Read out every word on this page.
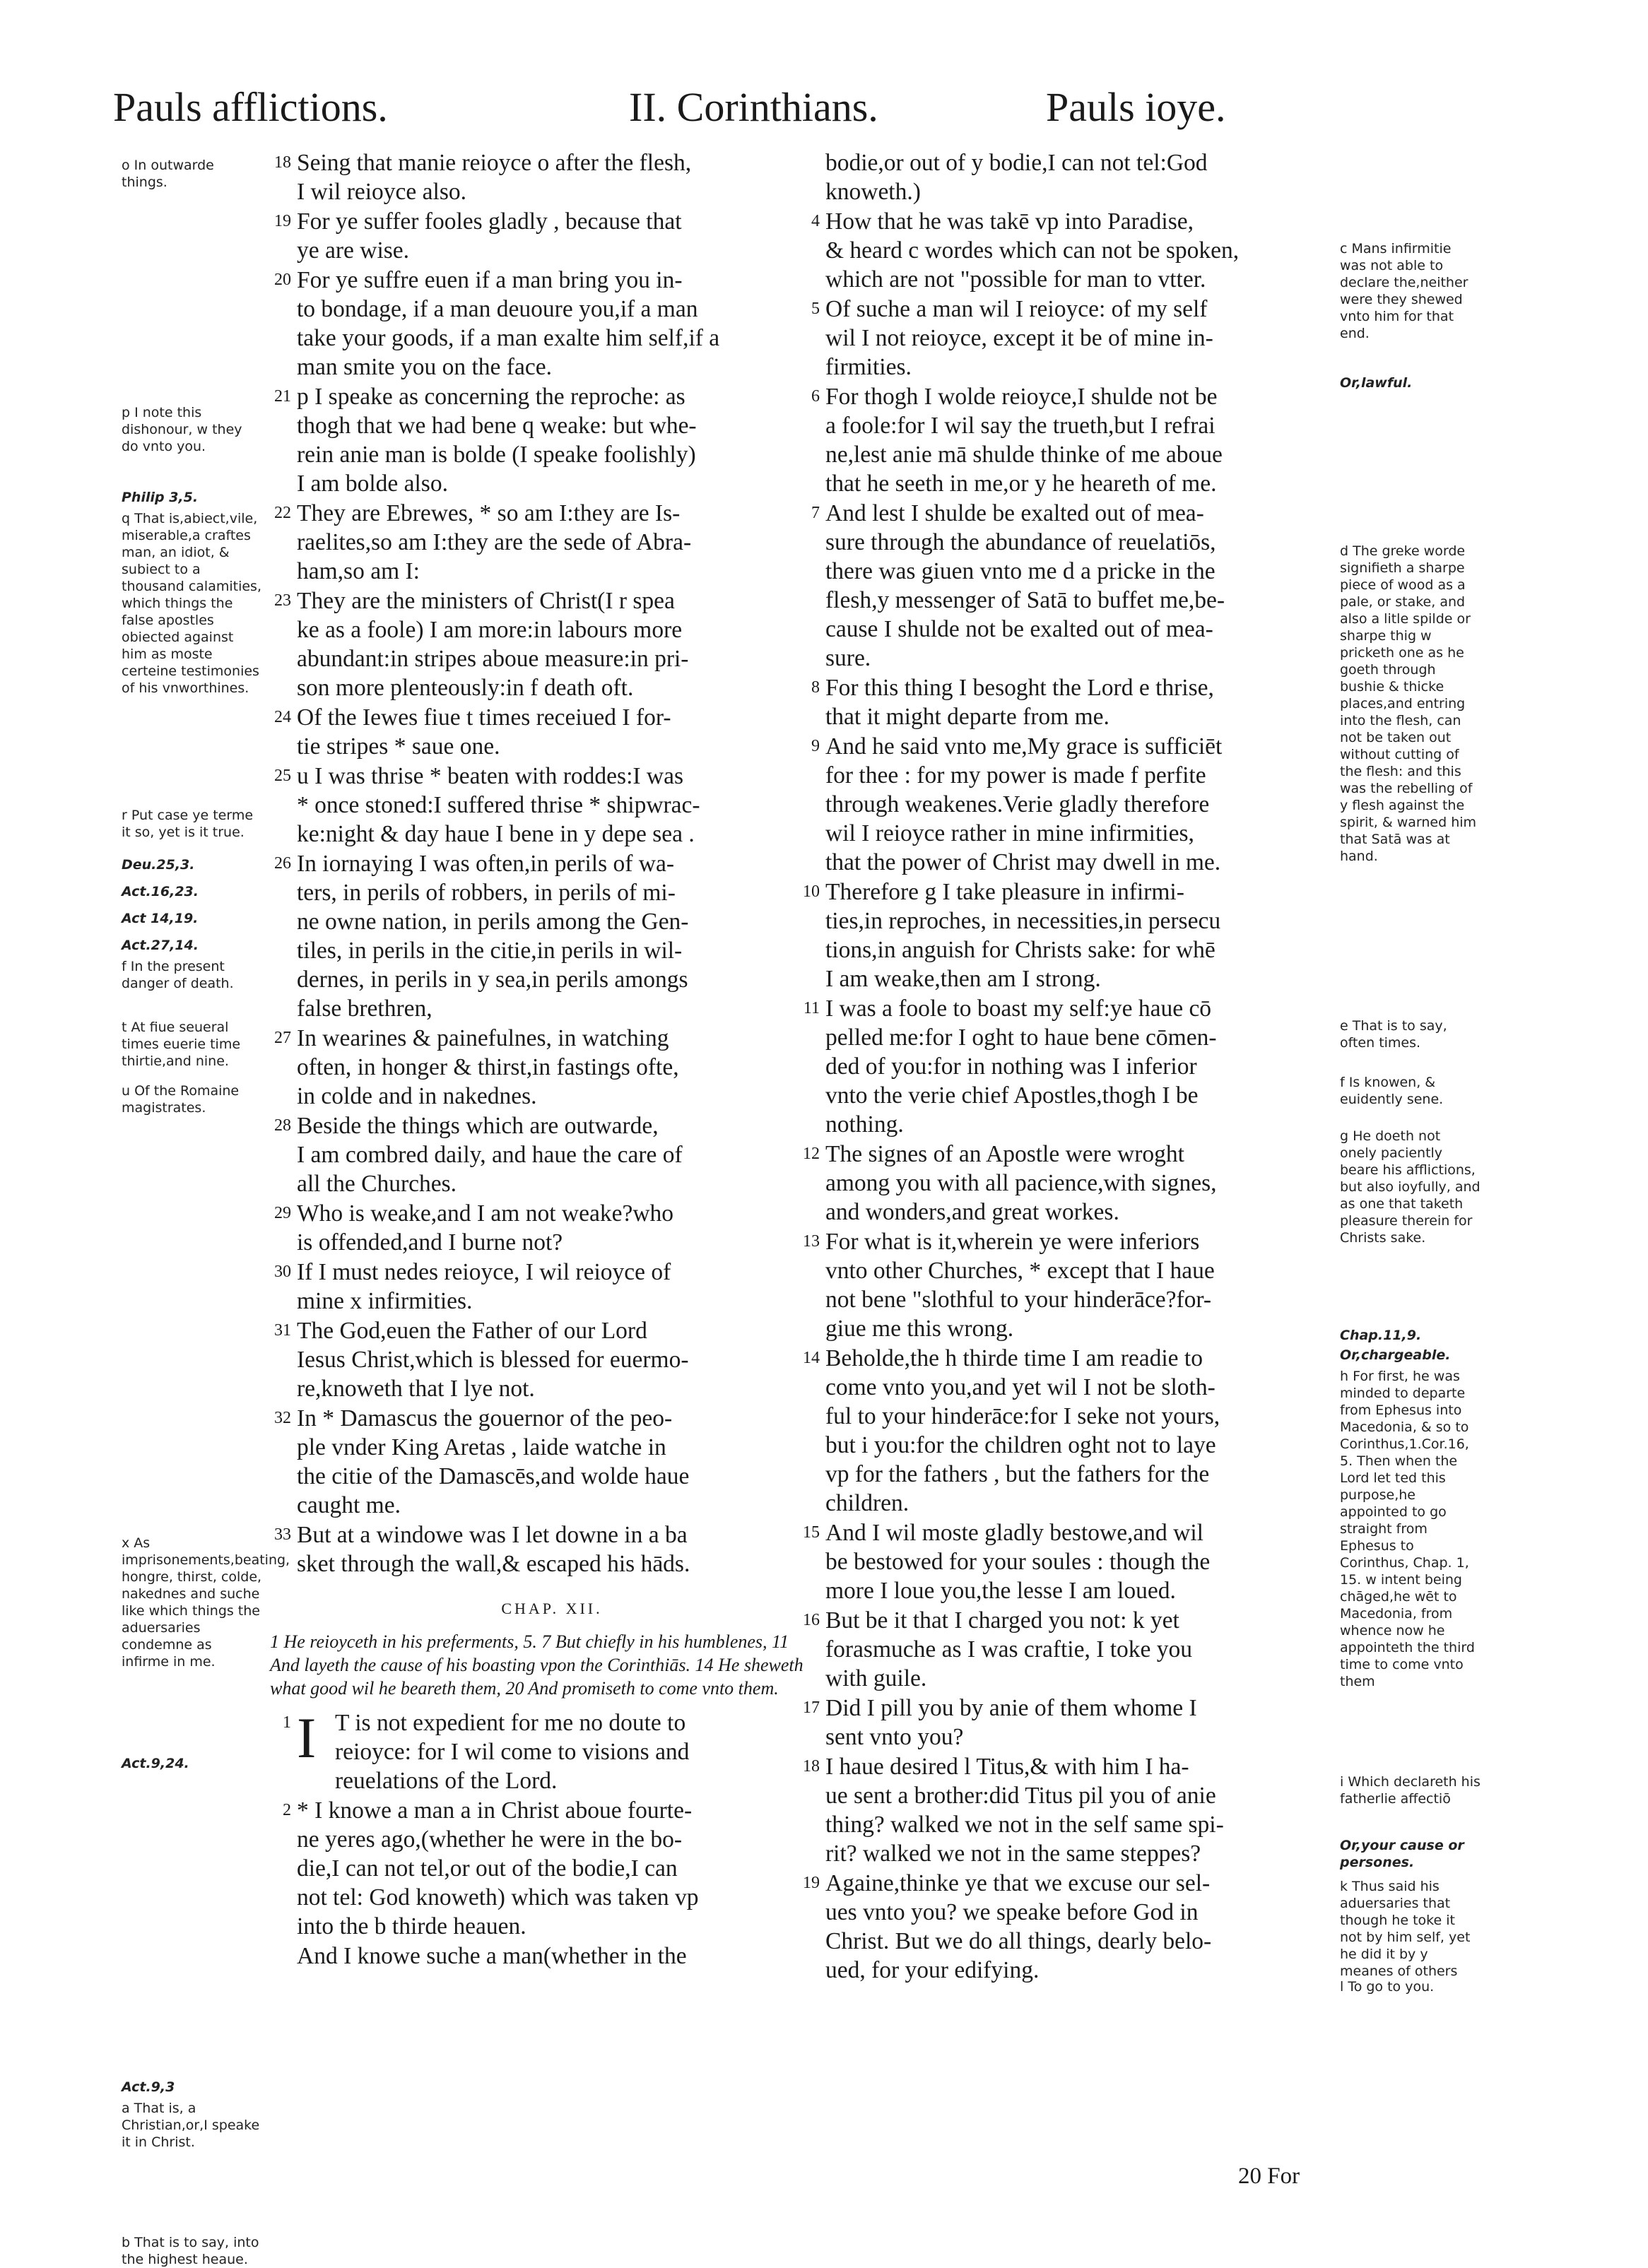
Pauls afflictions.	II. Corinthians.	Pauls ioye.
o In outwarde things.
p I note this dishonour, w they do vnto you.
Philip 3,5.
q That is,abiect,vile, miserable,a craftes man, an idiot, & subiect to a thousand calamities, which things the false apostles obiected against him as moste certeine testimonies of his vnworthines.
r Put case ye terme it so, yet is it true.
Deu.25,3.
Act.16,23.
Act 14,19.
Act.27,14.
f In the present danger of death.
t At fiue seueral times euerie time thirtie,and nine.
u Of the Romaine magistrates.
x As imprisonements,beating, hongre, thirst, colde, nakednes and suche like which things the aduersaries condemne as infirme in me.
Act.9,24.
Act.9,3
a That is, a Christian,or,I speake it in Christ.
b That is to say, into the highest heaue.
18 Seing that manie reioyce o after the flesh,
I wil reioyce also.
19 For ye suffer fooles gladly , because that
ye are wise.
20 For ye suffre euen if a man bring you in-
to bondage, if a man deuoure you,if a man
take your goods, if a man exalte him self,if a
man smite you on the face.
21 p I speake as concerning the reproche: as
thogh that we had bene q weake: but whe-
rein anie man is bolde (I speake foolishly)
I am bolde also.
22 They are Ebrewes, * so am I:they are Is-
raelites,so am I:they are the sede of Abra-
ham,so am I:
23 They are the ministers of Christ(I r spea
ke as a foole) I am more:in labours more
abundant:in stripes aboue measure:in pri-
son more plenteously:in f death oft.
24 Of the Iewes fiue t times receiued I for-
tie stripes * saue one.
25 u I was thrise * beaten with roddes:I was
* once stoned:I suffered thrise * shipwrac-
ke:night & day haue I bene in y depe sea .
26 In iornaying I was often,in perils of wa-
ters, in perils of robbers, in perils of mi-
ne owne nation, in perils among the Gen-
tiles, in perils in the citie,in perils in wil-
dernes, in perils in y sea,in perils amongs
false brethren,
27 In wearines & painefulnes, in watching
often, in honger & thirst,in fastings ofte,
in colde and in nakednes.
28 Beside the things which are outwarde,
I am combred daily, and haue the care of
all the Churches.
29 Who is weake,and I am not weake?who
is offended,and I burne not?
30 If I must nedes reioyce, I wil reioyce of
mine x infirmities.
31 The God,euen the Father of our Lord
Iesus Christ,which is blessed for euermo-
re,knoweth that I lye not.
32 In * Damascus the gouernor of the peo-
ple vnder King Aretas , laide watche in
the citie of the Damascēs,and wolde haue
caught me.
33 But at a windowe was I let downe in a ba
sket through the wall,& escaped his hāds.
CHAP. XII.
1 He reioyceth in his preferments, 5. 7 But chiefly in his humblenes, 11 And layeth the cause of his boasting vpon the Corinthiās. 14 He sheweth what good wil he beareth them, 20 And promiseth to come vnto them.
1 I T is not expedient for me no doute to
reioyce: for I wil come to visions and
reuelations of the Lord.
2 * I knowe a man a in Christ aboue fourte-
ne yeres ago,(whether he were in the bo-
die,I can not tel,or out of the bodie,I can
not tel: God knoweth) which was taken vp
into the b thirde heauen.
And I knowe suche a man(whether in the
bodie,or out of y bodie,I can not tel:God
knoweth.)
4 How that he was takē vp into Paradise,
& heard c wordes which can not be spoken,
which are not "possible for man to vtter.
5 Of suche a man wil I reioyce: of my self
wil I not reioyce, except it be of mine in-
firmities.
6 For thogh I wolde reioyce,I shulde not be
a foole:for I wil say the trueth,but I refrai
ne,lest anie mā shulde thinke of me aboue
that he seeth in me,or y he heareth of me.
7 And lest I shulde be exalted out of mea-
sure through the abundance of reuelatiōs,
there was giuen vnto me d a pricke in the
flesh,y messenger of Satā to buffet me,be-
cause I shulde not be exalted out of mea-
sure.
8 For this thing I besoght the Lord e thrise,
that it might departe from me.
9 And he said vnto me,My grace is sufficiēt
for thee : for my power is made f perfite
through weakenes.Verie gladly therefore
wil I reioyce rather in mine infirmities,
that the power of Christ may dwell in me.
10 Therefore g I take pleasure in infirmi-
ties,in reproches, in necessities,in persecu
tions,in anguish for Christs sake: for whē
I am weake,then am I strong.
11 I was a foole to boast my self:ye haue cō
pelled me:for I oght to haue bene cōmen-
ded of you:for in nothing was I inferior
vnto the verie chief Apostles,thogh I be
nothing.
12 The signes of an Apostle were wroght
among you with all pacience,with signes,
and wonders,and great workes.
13 For what is it,wherein ye were inferiors
vnto other Churches, * except that I haue
not bene "slothful to your hinderāce?for-
giue me this wrong.
14 Beholde,the h thirde time I am readie to
come vnto you,and yet wil I not be sloth-
ful to your hinderāce:for I seke not yours,
but i you:for the children oght not to laye
vp for the fathers , but the fathers for the
children.
15 And I wil moste gladly bestowe,and wil
be bestowed for your soules : though the
more I loue you,the lesse I am loued.
16 But be it that I charged you not: k yet
forasmuche as I was craftie, I toke you
with guile.
17 Did I pill you by anie of them whome I
sent vnto you?
18 I haue desired l Titus,& with him I ha-
ue sent a brother:did Titus pil you of anie
thing? walked we not in the self same spi-
rit? walked we not in the same steppes?
19 Againe,thinke ye that we excuse our sel-
ues vnto you? we speake before God in
Christ. But we do all things, dearly belo-
ued, for your edifying.
c Mans infirmitie was not able to declare the,neither were they shewed vnto him for that end.
Or,lawful.
d The greke worde signifieth a sharpe piece of wood as a pale, or stake, and also a litle spilde or sharpe thig w pricketh one as he goeth through bushie & thicke places,and entring into the flesh, can not be taken out without cutting of the flesh: and this was the rebelling of y flesh against the spirit, & warned him that Satā was at hand.
e That is to say, often times.
f Is knowen, & euidently sene.
g He doeth not onely paciently beare his afflictions, but also ioyfully, and as one that taketh pleasure therein for Christs sake.
Chap.11,9.
Or,chargeable.
h For first, he was minded to departe from Ephesus into Macedonia, & so to Corinthus,1.Cor.16, 5. Then when the Lord let ted this purpose,he appointed to go straight from Ephesus to Corinthus, Chap. 1, 15. w intent being chāged,he wēt to Macedonia, from whence now he appointeth the third time to come vnto them
i Which declareth his fatherlie affectiō
Or,your cause or persones.
k Thus said his aduersaries that though he toke it not by him self, yet he did it by y meanes of others
l To go to you.
20 For
